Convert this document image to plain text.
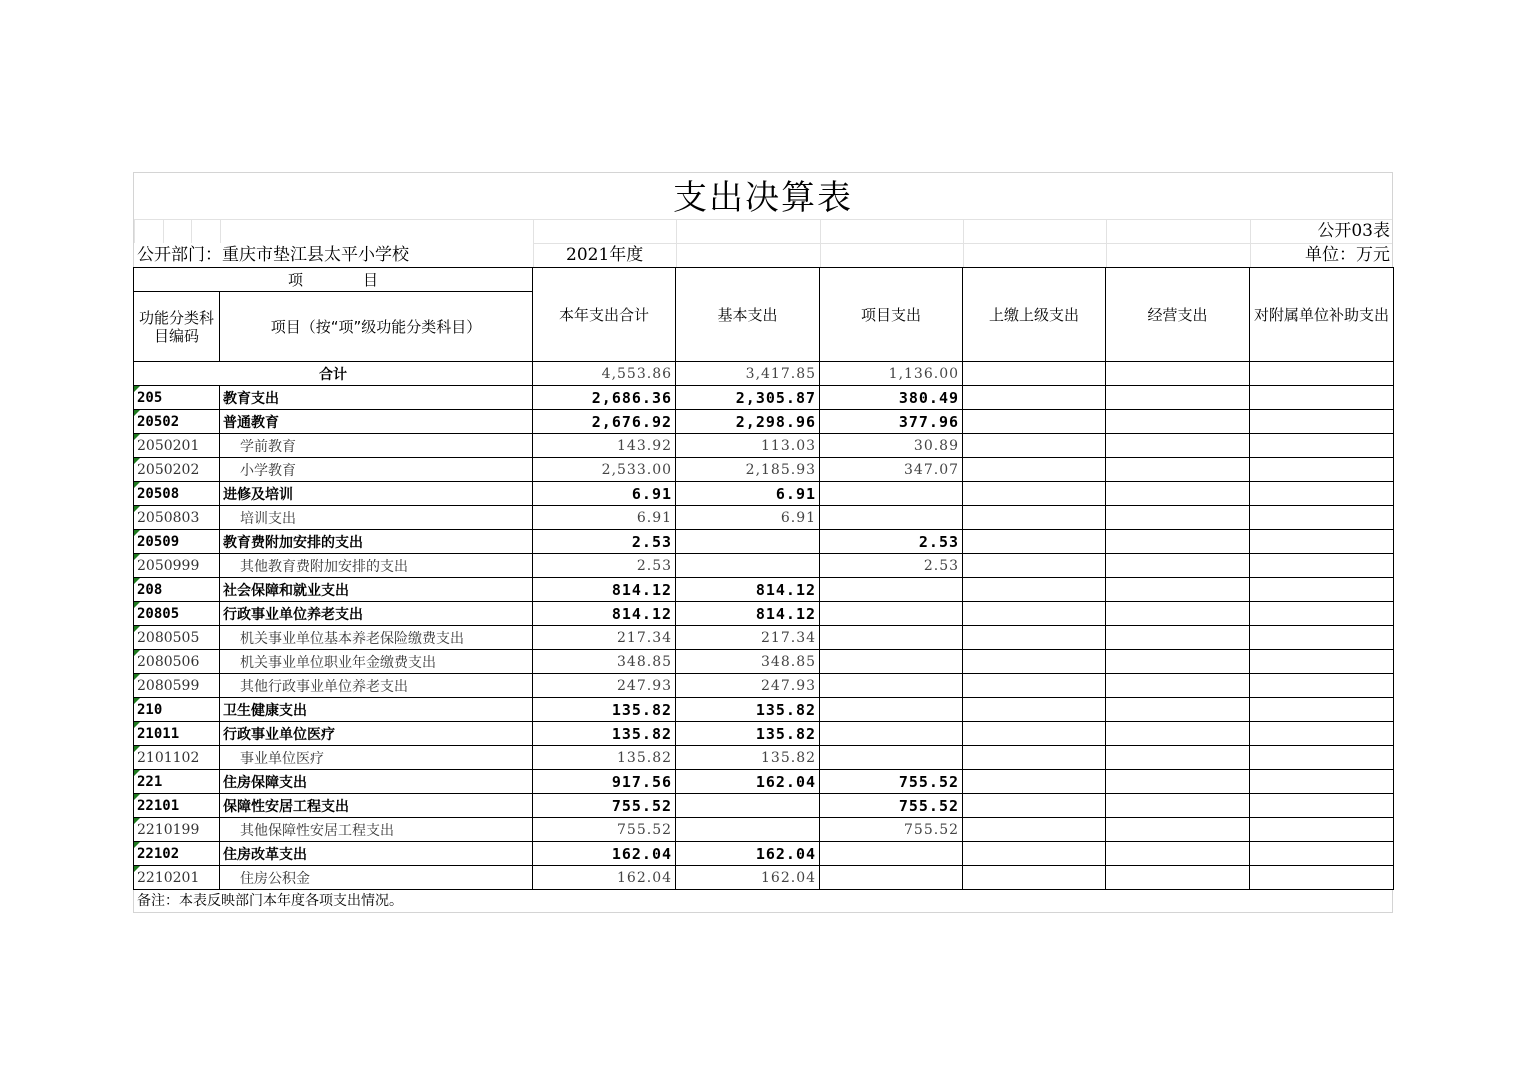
支出决算表
公开03表
公开部门：重庆市垫江县太平小学校	2021年度	单位：万元
项　　　　目		本年支出合计	基本支出	项目支出	上缴上级支出	经营支出	对附属单位补助支出
功能分类科目编码	项目（按“项”级功能分类科目）						
合计		4,553.86	3,417.85	1,136.00			
205	教育支出	2,686.36	2,305.87	380.49			
20502	普通教育	2,676.92	2,298.96	377.96			
2050201	学前教育	143.92	113.03	30.89			
2050202	小学教育	2,533.00	2,185.93	347.07			
20508	进修及培训	6.91	6.91				
2050803	培训支出	6.91	6.91				
20509	教育费附加安排的支出	2.53		2.53			
2050999	其他教育费附加安排的支出	2.53		2.53			
208	社会保障和就业支出	814.12	814.12				
20805	行政事业单位养老支出	814.12	814.12				
2080505	机关事业单位基本养老保险缴费支出	217.34	217.34				
2080506	机关事业单位职业年金缴费支出	348.85	348.85				
2080599	其他行政事业单位养老支出	247.93	247.93				
210	卫生健康支出	135.82	135.82				
21011	行政事业单位医疗	135.82	135.82				
2101102	事业单位医疗	135.82	135.82				
221	住房保障支出	917.56	162.04	755.52			
22101	保障性安居工程支出	755.52		755.52			
2210199	其他保障性安居工程支出	755.52		755.52			
22102	住房改革支出	162.04	162.04				
2210201	住房公积金	162.04	162.04				
备注：本表反映部门本年度各项支出情况。
